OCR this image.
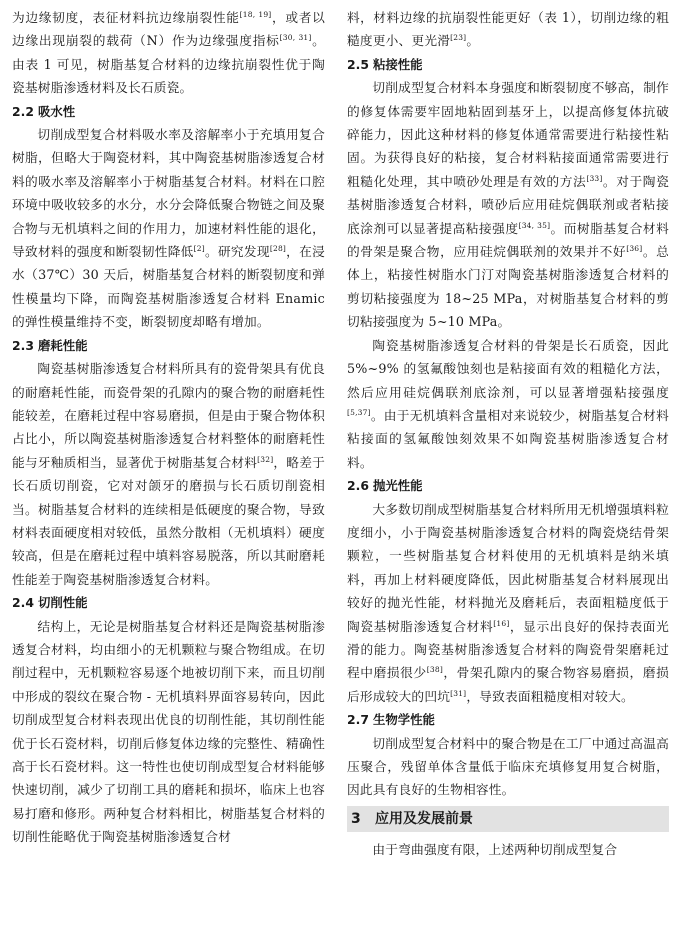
为边缘韧度，表征材料抗边缘崩裂性能[18, 19]，或者以边缘出现崩裂的载荷（N）作为边缘强度指标[30, 31]。由表 1 可见，树脂基复合材料的边缘抗崩裂性优于陶瓷基树脂渗透材料及长石质瓷。

2.2 吸水性

切削成型复合材料吸水率及溶解率小于充填用复合树脂，但略大于陶瓷材料，其中陶瓷基树脂渗透复合材料的吸水率及溶解率小于树脂基复合材料。材料在口腔环境中吸收较多的水分，水分会降低聚合物链之间及聚合物与无机填料之间的作用力，加速材料性能的退化，导致材料的强度和断裂韧性降低[2]。研究发现[28]，在浸水（37℃）30 天后，树脂基复合材料的断裂韧度和弹性模量均下降，而陶瓷基树脂渗透复合材料 Enamic 的弹性模量维持不变，断裂韧度却略有增加。

2.3 磨耗性能

陶瓷基树脂渗透复合材料所具有的瓷骨架具有优良的耐磨耗性能，而瓷骨架的孔隙内的聚合物的耐磨耗性能较差，在磨耗过程中容易磨损，但是由于聚合物体积占比小，所以陶瓷基树脂渗透复合材料整体的耐磨耗性能与牙釉质相当，显著优于树脂基复合材料[32]，略差于长石质切削瓷，它对对颌牙的磨损与长石质切削瓷相当。树脂基复合材料的连续相是低硬度的聚合物，导致材料表面硬度相对较低，虽然分散相（无机填料）硬度较高，但是在磨耗过程中填料容易脱落，所以其耐磨耗性能差于陶瓷基树脂渗透复合材料。

2.4 切削性能

结构上，无论是树脂基复合材料还是陶瓷基树脂渗透复合材料，均由细小的无机颗粒与聚合物组成。在切削过程中，无机颗粒容易逐个地被切削下来，而且切削中形成的裂纹在聚合物 - 无机填料界面容易转向，因此切削成型复合材料表现出优良的切削性能，其切削性能优于长石瓷材料，切削后修复体边缘的完整性、精确性高于长石瓷材料。这一特性也使切削成型复合材料能够快速切削，减少了切削工具的磨耗和损坏，临床上也容易打磨和修形。两种复合材料相比，树脂基复合材料的切削性能略优于陶瓷基树脂渗透复合材

料，材料边缘的抗崩裂性能更好（表 1），切削边缘的粗糙度更小、更光滑[23]。

2.5 粘接性能

切削成型复合材料本身强度和断裂韧度不够高，制作的修复体需要牢固地粘固到基牙上，以提高修复体抗破碎能力，因此这种材料的修复体通常需要进行粘接性粘固。为获得良好的粘接，复合材料粘接面通常需要进行粗糙化处理，其中喷砂处理是有效的方法[33]。对于陶瓷基树脂渗透复合材料，喷砂后应用硅烷偶联剂或者粘接底涂剂可以显著提高粘接强度[34, 35]。而树脂基复合材料的骨架是聚合物，应用硅烷偶联剂的效果并不好[36]。总体上，粘接性树脂水门汀对陶瓷基树脂渗透复合材料的剪切粘接强度为 18~25 MPa，对树脂基复合材料的剪切粘接强度为 5~10 MPa。

陶瓷基树脂渗透复合材料的骨架是长石质瓷，因此 5%~9% 的氢氟酸蚀刻也是粘接面有效的粗糙化方法，然后应用硅烷偶联剂底涂剂，可以显著增强粘接强度[5,37]。由于无机填料含量相对来说较少，树脂基复合材料粘接面的氢氟酸蚀刻效果不如陶瓷基树脂渗透复合材料。

2.6 抛光性能

大多数切削成型树脂基复合材料所用无机增强填料粒度细小，小于陶瓷基树脂渗透复合材料的陶瓷烧结骨架颗粒，一些树脂基复合材料使用的无机填料是纳米填料，再加上材料硬度降低，因此树脂基复合材料展现出较好的抛光性能，材料抛光及磨耗后，表面粗糙度低于陶瓷基树脂渗透复合材料[16]，显示出良好的保持表面光滑的能力。陶瓷基树脂渗透复合材料的陶瓷骨架磨耗过程中磨损很少[38]，骨架孔隙内的聚合物容易磨损，磨损后形成较大的凹坑[31]，导致表面粗糙度相对较大。

2.7 生物学性能

切削成型复合材料中的聚合物是在工厂中通过高温高压聚合，残留单体含量低于临床充填修复用复合树脂，因此具有良好的生物相容性。

3 应用及发展前景

由于弯曲强度有限，上述两种切削成型复合
